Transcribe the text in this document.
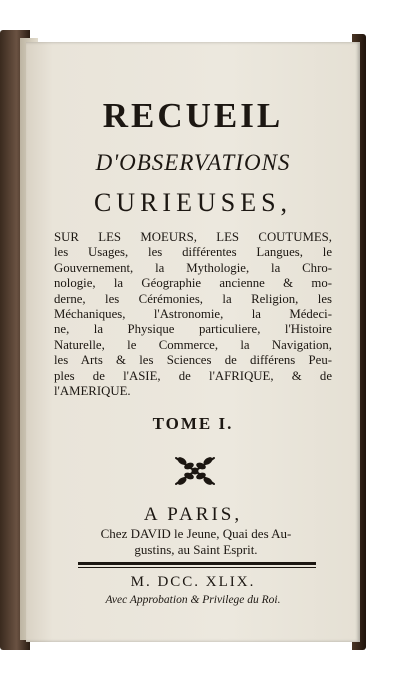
RECUEIL
D'OBSERVATIONS
CURIEUSES,
SUR LES MOEURS, LES COUTUMES,
les Usages, les différentes Langues, le
Gouvernement, la Mythologie, la Chro-
nologie, la Géographie ancienne & mo-
derne, les Cérémonies, la Religion, les
Méchaniques, l'Astronomie, la Médeci-
ne, la Physique particuliere, l'Histoire
Naturelle, le Commerce, la Navigation,
les Arts & les Sciences de différens Peu-
ples de l'ASIE, de l'AFRIQUE, & de
l'AMERIQUE.
TOME I.
A PARIS,
Chez DAVID le Jeune, Quai des Au-
gustins, au Saint Esprit.
M. DCC. XLIX.
Avec Approbation & Privilege du Roi.
